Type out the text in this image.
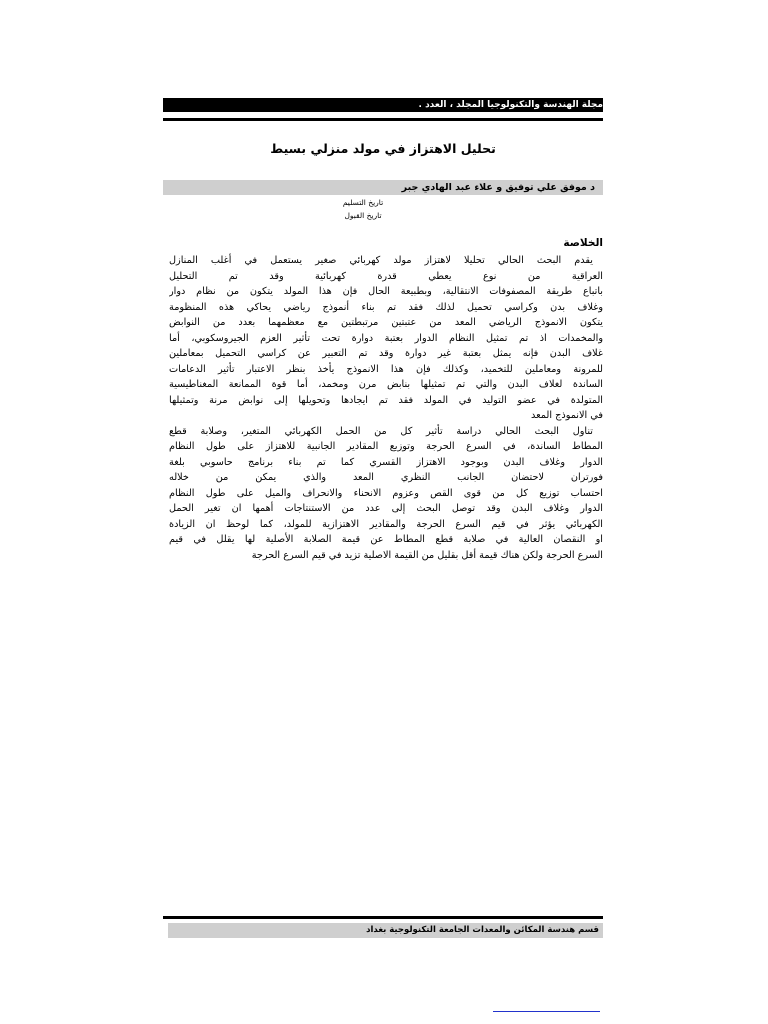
مجلة الهندسة والتكنولوجيا المجلد ، العدد .
تحليل الاهتزاز في مولد منزلي بسيط
د موفق علي توفيق و علاء عبد الهادي جبر
تاريخ التسليم
تاريخ القبول
الخلاصة
يقدم البحث الحالي تحليلا لاهتزاز مولد كهربائي صغير يستعمل في أغلب المنازل
العراقية من نوع يعطي قدرة كهربائية وقد تم التحليل
باتباع طريقة المصفوفات الانتقالية، وبطبيعة الحال فإن هذا المولد يتكون من نظام دوار
وغلاف بدن وكراسي تحميل لذلك فقد تم بناء أنموذج رياضي يحاكي هذه المنظومة
يتكون الانموذج الرياضي المعد من عتبتين مرتبطتين مع معظمهما بعدد من النوابض
والمخمدات اذ تم تمثيل النظام الدوار بعتبة دوارة تحت تأثير العزم الجيروسكوبي، أما
غلاف البدن فإنه يمثل بعتبة غير دوارة وقد تم التعبير عن كراسي التحميل بمعاملين
للمرونة ومعاملين للتخميد، وكذلك فإن هذا الانموذج يأخذ بنظر الاعتبار تأثير الدعامات
الساندة لغلاف البدن والتي تم تمثيلها بنابض مرن ومخمد، أما قوة الممانعة المغناطيسية
المتولدة في عضو التوليد في المولد فقد تم ايجادها وتحويلها إلى نوابض مرنة وتمثيلها
في الانموذج المعد
تناول البحث الحالي دراسة تأثير كل من الحمل الكهربائي المتغير، وصلابة قطع
المطاط الساندة، في السرع الحرجة وتوزيع المقادير الجانبية للاهتزاز على طول النظام
الدوار وغلاف البدن وبوجود الاهتزاز القسري كما تم بناء برنامج حاسوبي بلغة
فورتران لاحتضان الجانب النظري المعد والذي يمكن من خلاله
احتساب توزيع كل من قوى القص وعزوم الانحناء والانحراف والميل على طول النظام
الدوار وغلاف البدن وقد توصل البحث إلى عدد من الاستنتاجات أهمها ان تغير الحمل
الكهربائي يؤثر في قيم السرع الحرجة والمقادير الاهتزازية للمولد، كما لوحظ ان الزيادة
او النقصان العالية في صلابة قطع المطاط عن قيمة الصلابة الأصلية لها يقلل في قيم
السرع الحرجة ولكن هناك قيمة أقل بقليل من القيمة الاصلية تزيد في قيم السرع الحرجة
قسم هندسة المكائن والمعدات الجامعة التكنولوجية بغداد
